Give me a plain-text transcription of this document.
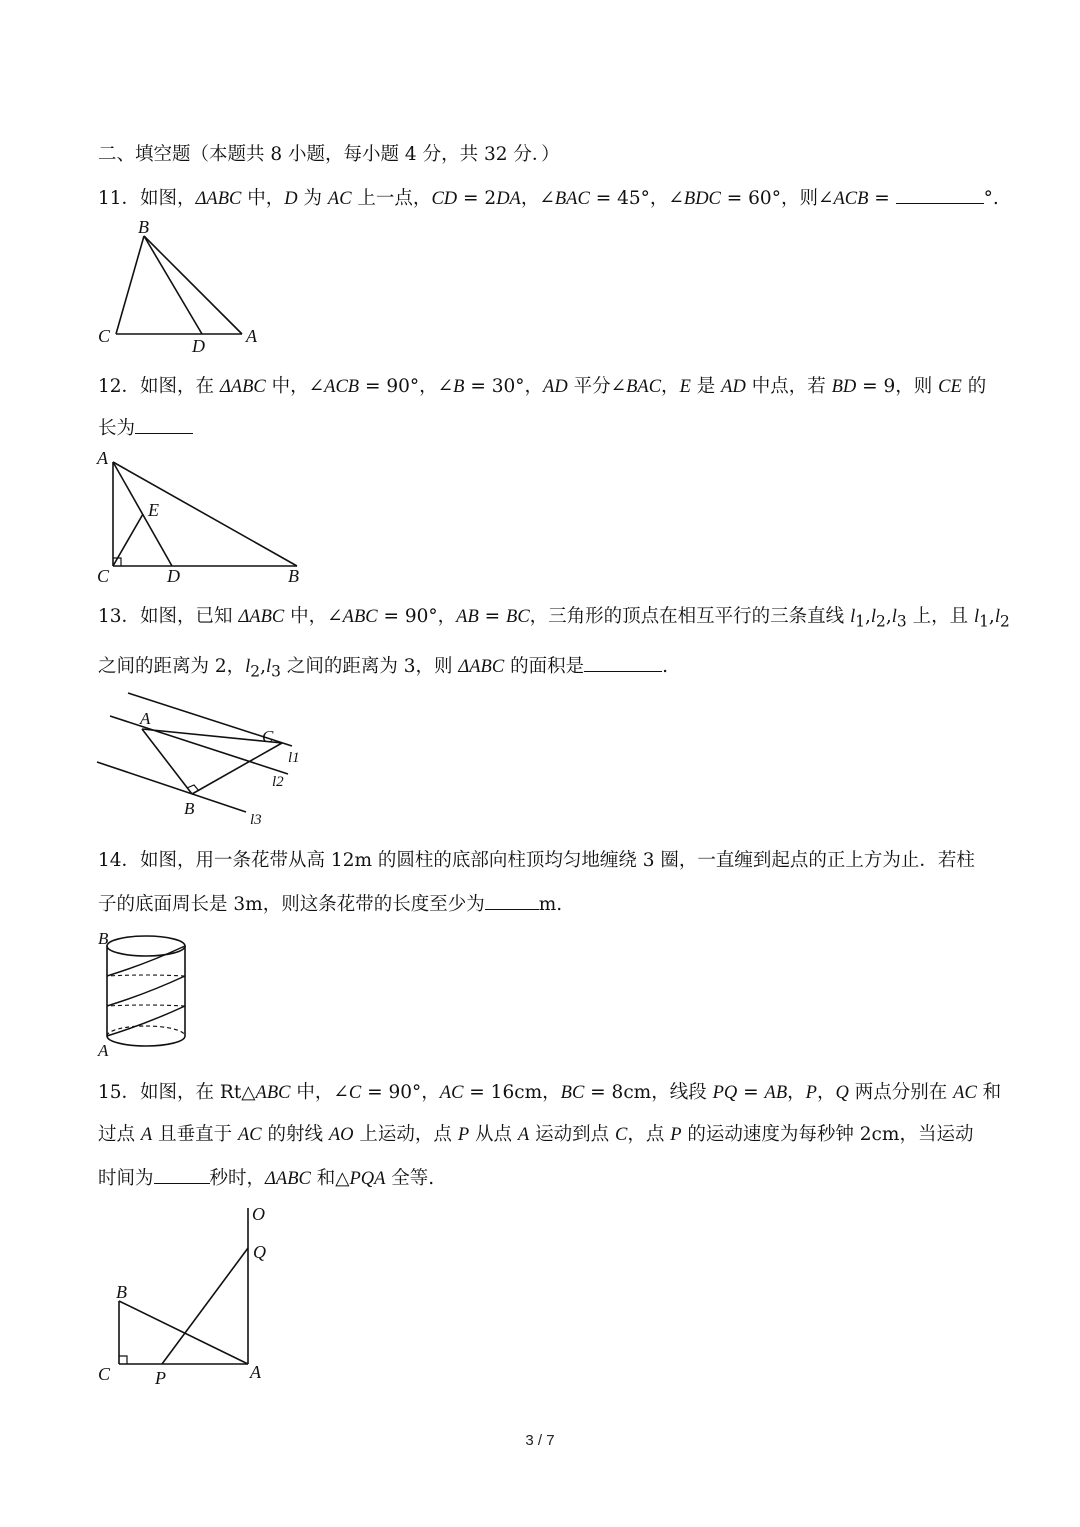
二、填空题（本题共 8 小题，每小题 4 分，共 32 分．）
11．如图，ΔABC 中，D 为 AC 上一点，CD = 2DA，∠BAC = 45°，∠BDC = 60°，则∠ACB =	°.
B
C	D A
12．如图，在 ΔABC 中，∠ACB = 90°，∠B = 30°，AD 平分∠BAC，E 是 AD 中点，若 BD = 9，则 CE 的
长为
A
E
C	D	B
13．如图，已知 ΔABC 中，∠ABC = 90°，AB = BC，三角形的顶点在相互平行的三条直线 $l_1,l_2,l_3$ 上，且 $l_1,l_2$
之间的距离为 2，$l_2,l_3$ 之间的距离为 3，则 ΔABC 的面积是	.
A
C
l1
l2
B
l3
14．如图，用一条花带从高 12m 的圆柱的底部向柱顶均匀地缠绕 3 圈，一直缠到起点的正上方为止．若柱
子的底面周长是 3m，则这条花带的长度至少为	m.
B
A
15．如图，在 Rt△ABC 中，∠C = 90°，AC = 16cm，BC = 8cm，线段 PQ = AB，P，Q 两点分别在 AC 和
过点 A 且垂直于 AC 的射线 AO 上运动，点 P 从点 A 运动到点 C，点 P 的运动速度为每秒钟 2cm，当运动
时间为	秒时，ΔABC 和△PQA 全等.
O
Q
B
C P	A
3 / 7
